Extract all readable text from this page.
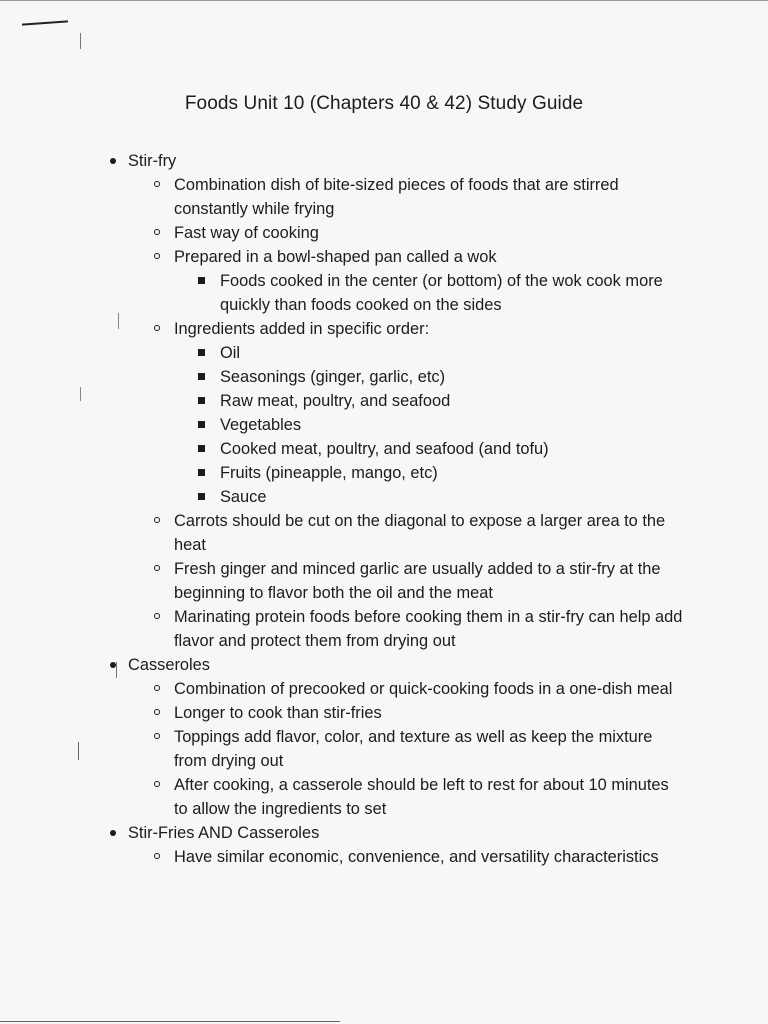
Foods Unit 10 (Chapters 40 & 42) Study Guide
Stir-fry
Combination dish of bite-sized pieces of foods that are stirred constantly while frying
Fast way of cooking
Prepared in a bowl-shaped pan called a wok
Foods cooked in the center (or bottom) of the wok cook more quickly than foods cooked on the sides
Ingredients added in specific order:
Oil
Seasonings (ginger, garlic, etc)
Raw meat, poultry, and seafood
Vegetables
Cooked meat, poultry, and seafood (and tofu)
Fruits (pineapple, mango, etc)
Sauce
Carrots should be cut on the diagonal to expose a larger area to the heat
Fresh ginger and minced garlic are usually added to a stir-fry at the beginning to flavor both the oil and the meat
Marinating protein foods before cooking them in a stir-fry can help add flavor and protect them from drying out
Casseroles
Combination of precooked or quick-cooking foods in a one-dish meal
Longer to cook than stir-fries
Toppings add flavor, color, and texture as well as keep the mixture from drying out
After cooking, a casserole should be left to rest for about 10 minutes to allow the ingredients to set
Stir-Fries AND Casseroles
Have similar economic, convenience, and versatility characteristics
